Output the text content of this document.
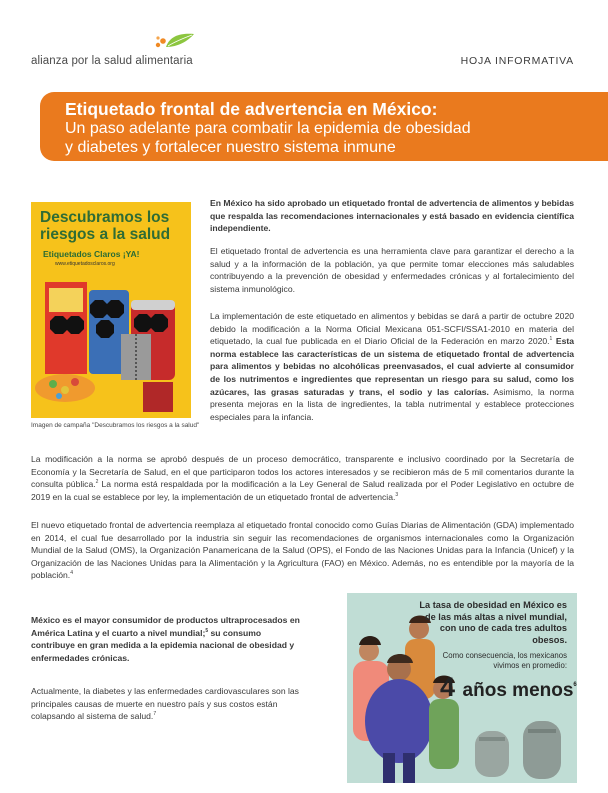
alianza por la salud alimentaria	HOJA INFORMATIVA
Etiquetado frontal de advertencia en México:
Un paso adelante para combatir la epidemia de obesidad
y diabetes y fortalecer nuestro sistema inmune
Descubramos los riesgos a la salud
Etiquetados Claros ¡YA!
www.etiquetadosclaros.org
Imagen de campaña "Descubramos los riesgos a la salud"

En México ha sido aprobado un etiquetado frontal de advertencia de alimentos y bebidas que respalda las recomendaciones internacionales y está basado en evidencia científica independiente.

El etiquetado frontal de advertencia es una herramienta clave para garantizar el derecho a la salud y a la información de la población, ya que permite tomar elecciones más saludables contribuyendo a la prevención de obesidad y enfermedades crónicas y al fortalecimiento del sistema inmunológico.

La implementación de este etiquetado en alimentos y bebidas se dará a partir de octubre 2020 debido la modificación a la Norma Oficial Mexicana 051-SCFI/SSA1-2010 en materia del etiquetado, la cual fue publicada en el Diario Oficial de la Federación en marzo 2020.$^1$ Esta norma establece las características de un sistema de etiquetado frontal de advertencia para alimentos y bebidas no alcohólicas preenvasados, el cual advierte al consumidor de los nutrimentos e ingredientes que representan un riesgo para su salud, como los azúcares, las grasas saturadas y trans, el sodio y las calorías. Asimismo, la norma presenta mejoras en la lista de ingredientes, la tabla nutrimental y establece protecciones especiales para la infancia.

La modificación a la norma se aprobó después de un proceso democrático, transparente e inclusivo coordinado por la Secretaría de Economía y la Secretaría de Salud, en el que participaron todos los actores interesados y se recibieron más de 5 mil comentarios durante la consulta pública.$^2$ La norma está respaldada por la modificación a la Ley General de Salud realizada por el Poder Legislativo en octubre de 2019 en la cual se establece por ley, la implementación de un etiquetado frontal de advertencia.$^3$

El nuevo etiquetado frontal de advertencia reemplaza al etiquetado frontal conocido como Guías Diarias de Alimentación (GDA) implementado en 2014, el cual fue desarrollado por la industria sin seguir las recomendaciones de organismos internacionales como la Organización Mundial de la Salud (OMS), la Organización Panamericana de la Salud (OPS), el Fondo de las Naciones Unidas para la Infancia (Unicef) y la Organización de las Naciones Unidas para la Alimentación y la Agricultura (FAO) en México. Además, no es entendible por la mayoría de la población.$^4$

México es el mayor consumidor de productos ultraprocesados en América Latina y el cuarto a nivel mundial;$^5$ su consumo contribuye en gran medida a la epidemia nacional de obesidad y enfermedades crónicas.

Actualmente, la diabetes y las enfermedades cardiovasculares son las principales causas de muerte en nuestro país y sus costos están colapsando al sistema de salud.$^7$

La tasa de obesidad en México es de las más altas a nivel mundial, con uno de cada tres adultos obesos.
Como consecuencia, los mexicanos vivimos en promedio:
4 años menos$^6$
